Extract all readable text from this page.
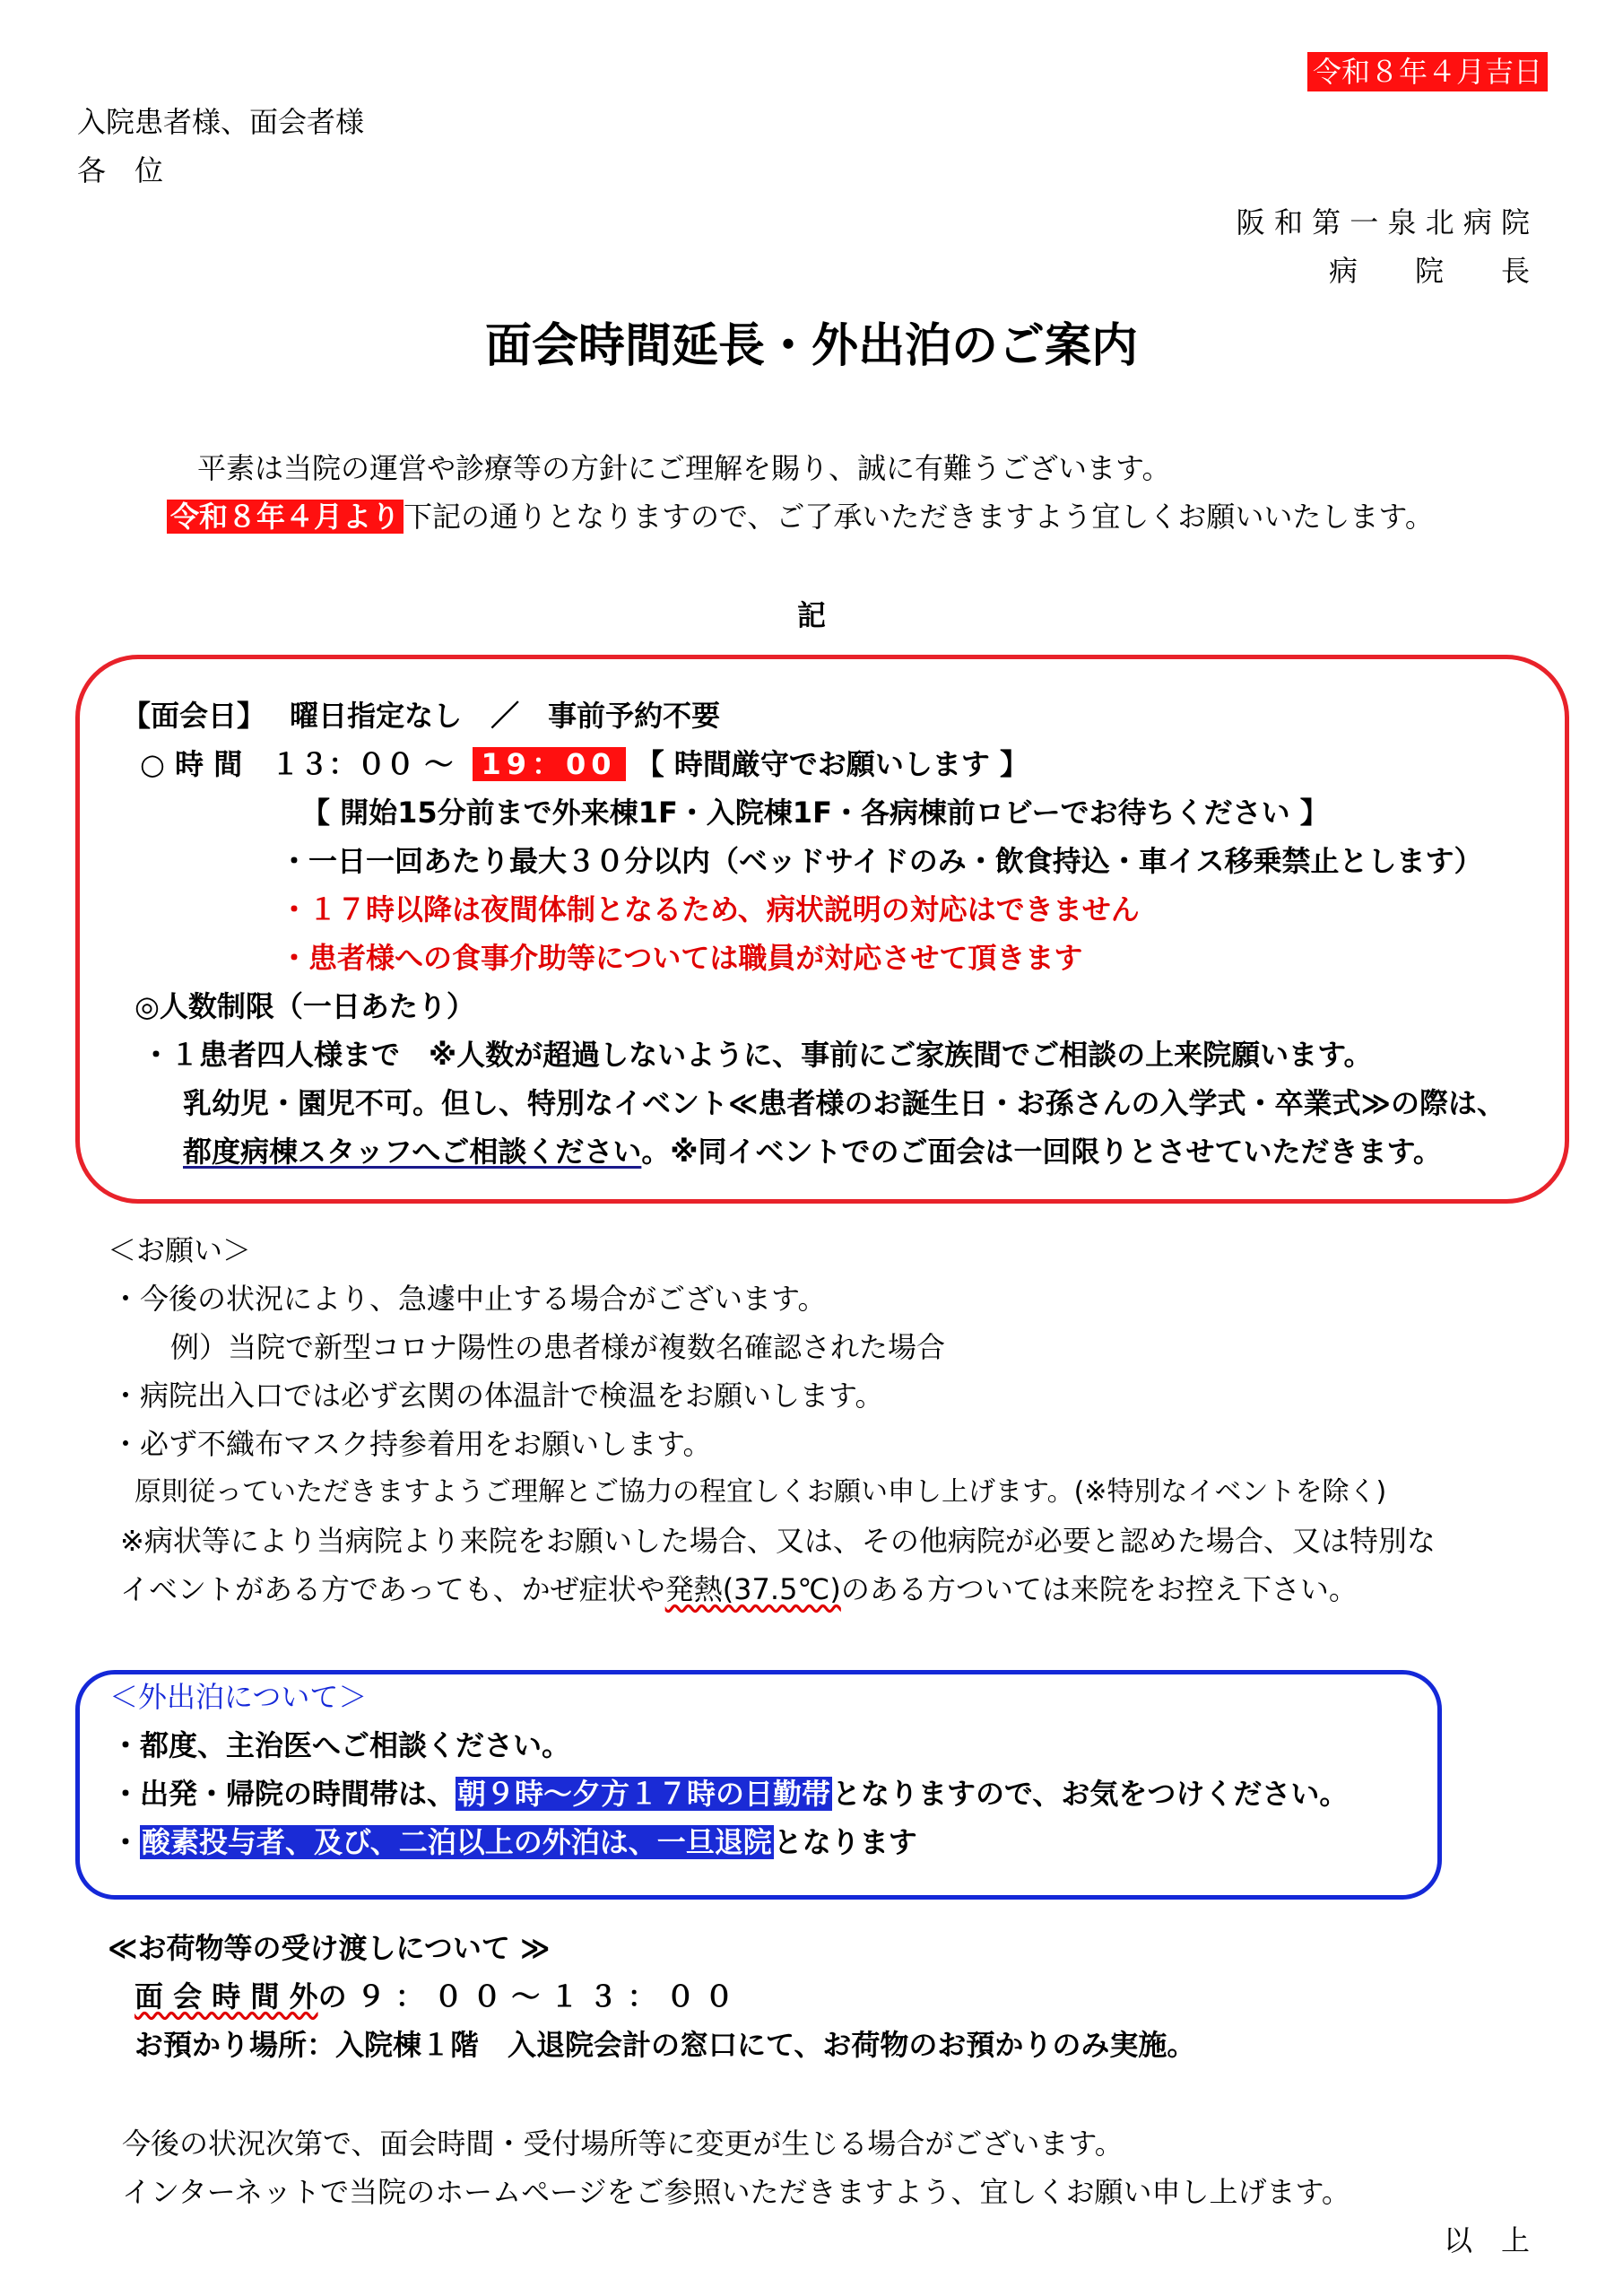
令和８年４月吉日
入院患者様、面会者様
各　位
阪 和 第 一 泉 北 病 院
病　　院　　長
面会時間延長・外出泊のご案内
平素は当院の運営や診療等の方針にご理解を賜り、誠に有難うございます。
令和８年４月より 下記の通りとなりますので、ご了承いただきますよう宜しくお願いいたします。
記
【面会日】　 曜日指定なし　／　事前予約不要
○ 時 間　１３：００ ～ 19：00 【 時間厳守でお願いします 】
【 開始15分前まで外来棟1F・入院棟1F・各病棟前ロビーでお待ちください 】
・一日一回あたり最大３０分以内（ベッドサイドのみ・飲食持込・車イス移乗禁止とします）
・１７時以降は夜間体制となるため、病状説明の対応はできません
・患者様への食事介助等については職員が対応させて頂きます
◎人数制限（一日あたり）
・１患者四人様まで　※人数が超過しないように、事前にご家族間でご相談の上来院願います。
乳幼児・園児不可。但し、特別なイベント≪患者様のお誕生日・お孫さんの入学式・卒業式≫の際は、
都度病棟スタッフへご相談ください。※同イベントでのご面会は一回限りとさせていただきます。
＜お願い＞
・今後の状況により、急遽中止する場合がございます。
例）当院で新型コロナ陽性の患者様が複数名確認された場合
・病院出入口では必ず玄関の体温計で検温をお願いします。
・必ず不織布マスク持参着用をお願いします。
原則従っていただきますようご理解とご協力の程宜しくお願い申し上げます。(※特別なイベントを除く)
※病状等により当病院より来院をお願いした場合、又は、その他病院が必要と認めた場合、又は特別な
イベントがある方であっても、かぜ症状や発熱(37.5℃)のある方ついては来院をお控え下さい。
＜外出泊について＞
・都度、主治医へご相談ください。
・出発・帰院の時間帯は、朝９時～夕方１７時の日勤帯となりますので、お気をつけください。
・酸素投与者、及び、二泊以上の外泊は、一旦退院となります
≪お荷物等の受け渡しについて ≫
面 会 時 間 外の ９ ： ０ ０ ～ １ ３ ： ０ ０
お預かり場所：入院棟１階　入退院会計の窓口にて、お荷物のお預かりのみ実施。
今後の状況次第で、面会時間・受付場所等に変更が生じる場合がございます。
インターネットで当院のホームページをご参照いただきますよう、宜しくお願い申し上げます。
以　上
